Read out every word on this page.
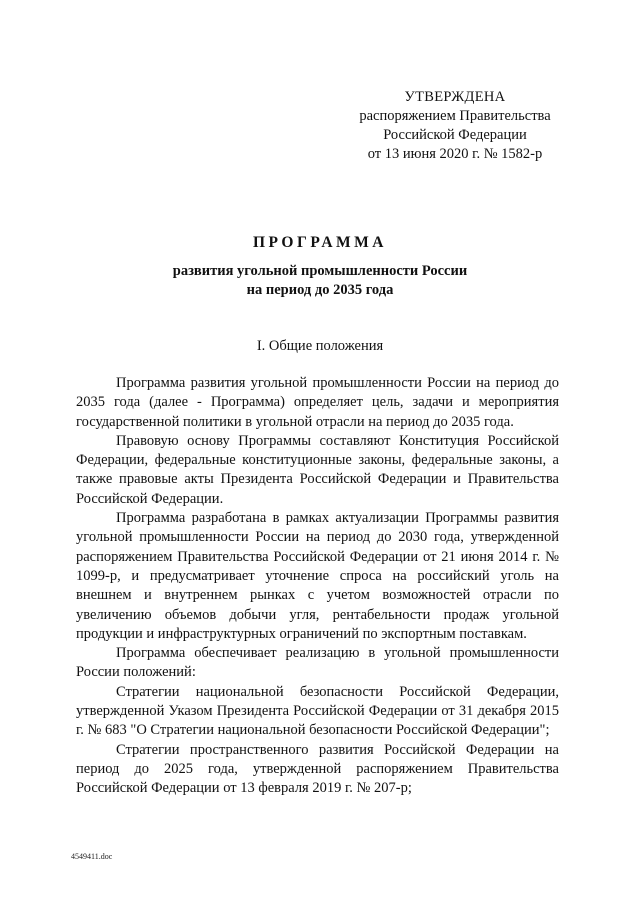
УТВЕРЖДЕНА
распоряжением Правительства
Российской Федерации
от 13 июня 2020 г. № 1582-р
ПРОГРАММА
развития угольной промышленности России
на период до 2035 года
I. Общие положения

Программа развития угольной промышленности России на период до 2035 года (далее - Программа) определяет цель, задачи и мероприятия государственной политики в угольной отрасли на период до 2035 года.

Правовую основу Программы составляют Конституция Российской Федерации, федеральные конституционные законы, федеральные законы, а также правовые акты Президента Российской Федерации и Правительства Российской Федерации.

Программа разработана в рамках актуализации Программы развития угольной промышленности России на период до 2030 года, утвержденной распоряжением Правительства Российской Федерации от 21 июня 2014 г. № 1099-р, и предусматривает уточнение спроса на российский уголь на внешнем и внутреннем рынках с учетом возможностей отрасли по увеличению объемов добычи угля, рентабельности продаж угольной продукции и инфраструктурных ограничений по экспортным поставкам.

Программа обеспечивает реализацию в угольной промышленности России положений:

Стратегии национальной безопасности Российской Федерации, утвержденной Указом Президента Российской Федерации от 31 декабря 2015 г. № 683 "О Стратегии национальной безопасности Российской Федерации";

Стратегии пространственного развития Российской Федерации на период до 2025 года, утвержденной распоряжением Правительства Российской Федерации от 13 февраля 2019 г. № 207-р;

4549411.doc
